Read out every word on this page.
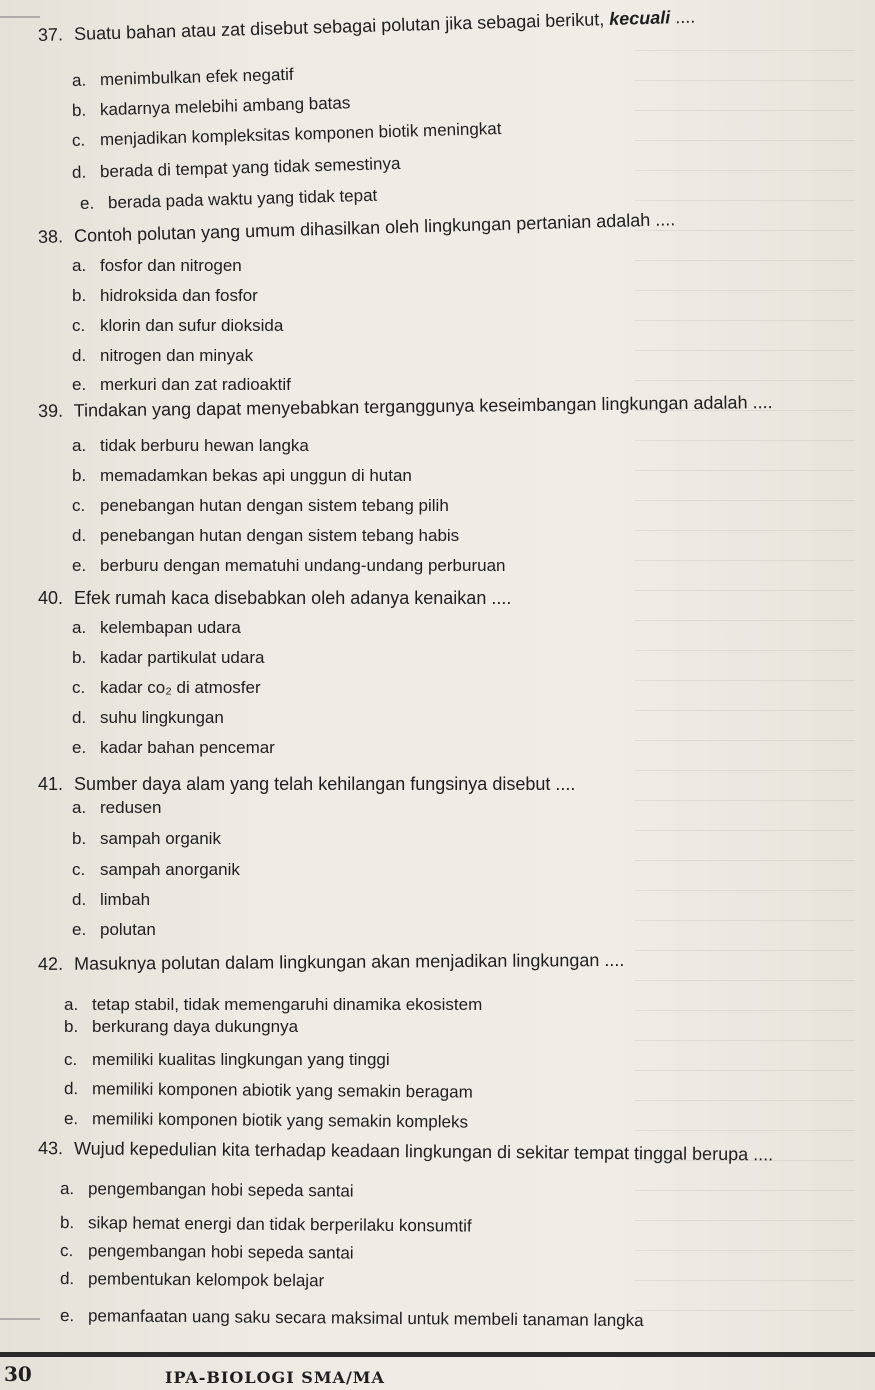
37. Suatu bahan atau zat disebut sebagai polutan jika sebagai berikut, kecuali ....
a. menimbulkan efek negatif
b. kadarnya melebihi ambang batas
c. menjadikan kompleksitas komponen biotik meningkat
d. berada di tempat yang tidak semestinya
e. berada pada waktu yang tidak tepat
38. Contoh polutan yang umum dihasilkan oleh lingkungan pertanian adalah ....
a. fosfor dan nitrogen
b. hidroksida dan fosfor
c. klorin dan sufur dioksida
d. nitrogen dan minyak
e. merkuri dan zat radioaktif
39. Tindakan yang dapat menyebabkan terganggunya keseimbangan lingkungan adalah ....
a. tidak berburu hewan langka
b. memadamkan bekas api unggun di hutan
c. penebangan hutan dengan sistem tebang pilih
d. penebangan hutan dengan sistem tebang habis
e. berburu dengan mematuhi undang-undang perburuan
40. Efek rumah kaca disebabkan oleh adanya kenaikan ....
a. kelembapan udara
b. kadar partikulat udara
c. kadar co₂ di atmosfer
d. suhu lingkungan
e. kadar bahan pencemar
41. Sumber daya alam yang telah kehilangan fungsinya disebut ....
a. redusen
b. sampah organik
c. sampah anorganik
d. limbah
e. polutan
42. Masuknya polutan dalam lingkungan akan menjadikan lingkungan ....
a. tetap stabil, tidak memengaruhi dinamika ekosistem
b. berkurang daya dukungnya
c. memiliki kualitas lingkungan yang tinggi
d. memiliki komponen abiotik yang semakin beragam
e. memiliki komponen biotik yang semakin kompleks
43. Wujud kepedulian kita terhadap keadaan lingkungan di sekitar tempat tinggal berupa ....
a. pengembangan hobi sepeda santai
b. sikap hemat energi dan tidak berperilaku konsumtif
c. pengembangan hobi sepeda santai
d. pembentukan kelompok belajar
e. pemanfaatan uang saku secara maksimal untuk membeli tanaman langka
30	IPA-BIOLOGI SMA/MA
